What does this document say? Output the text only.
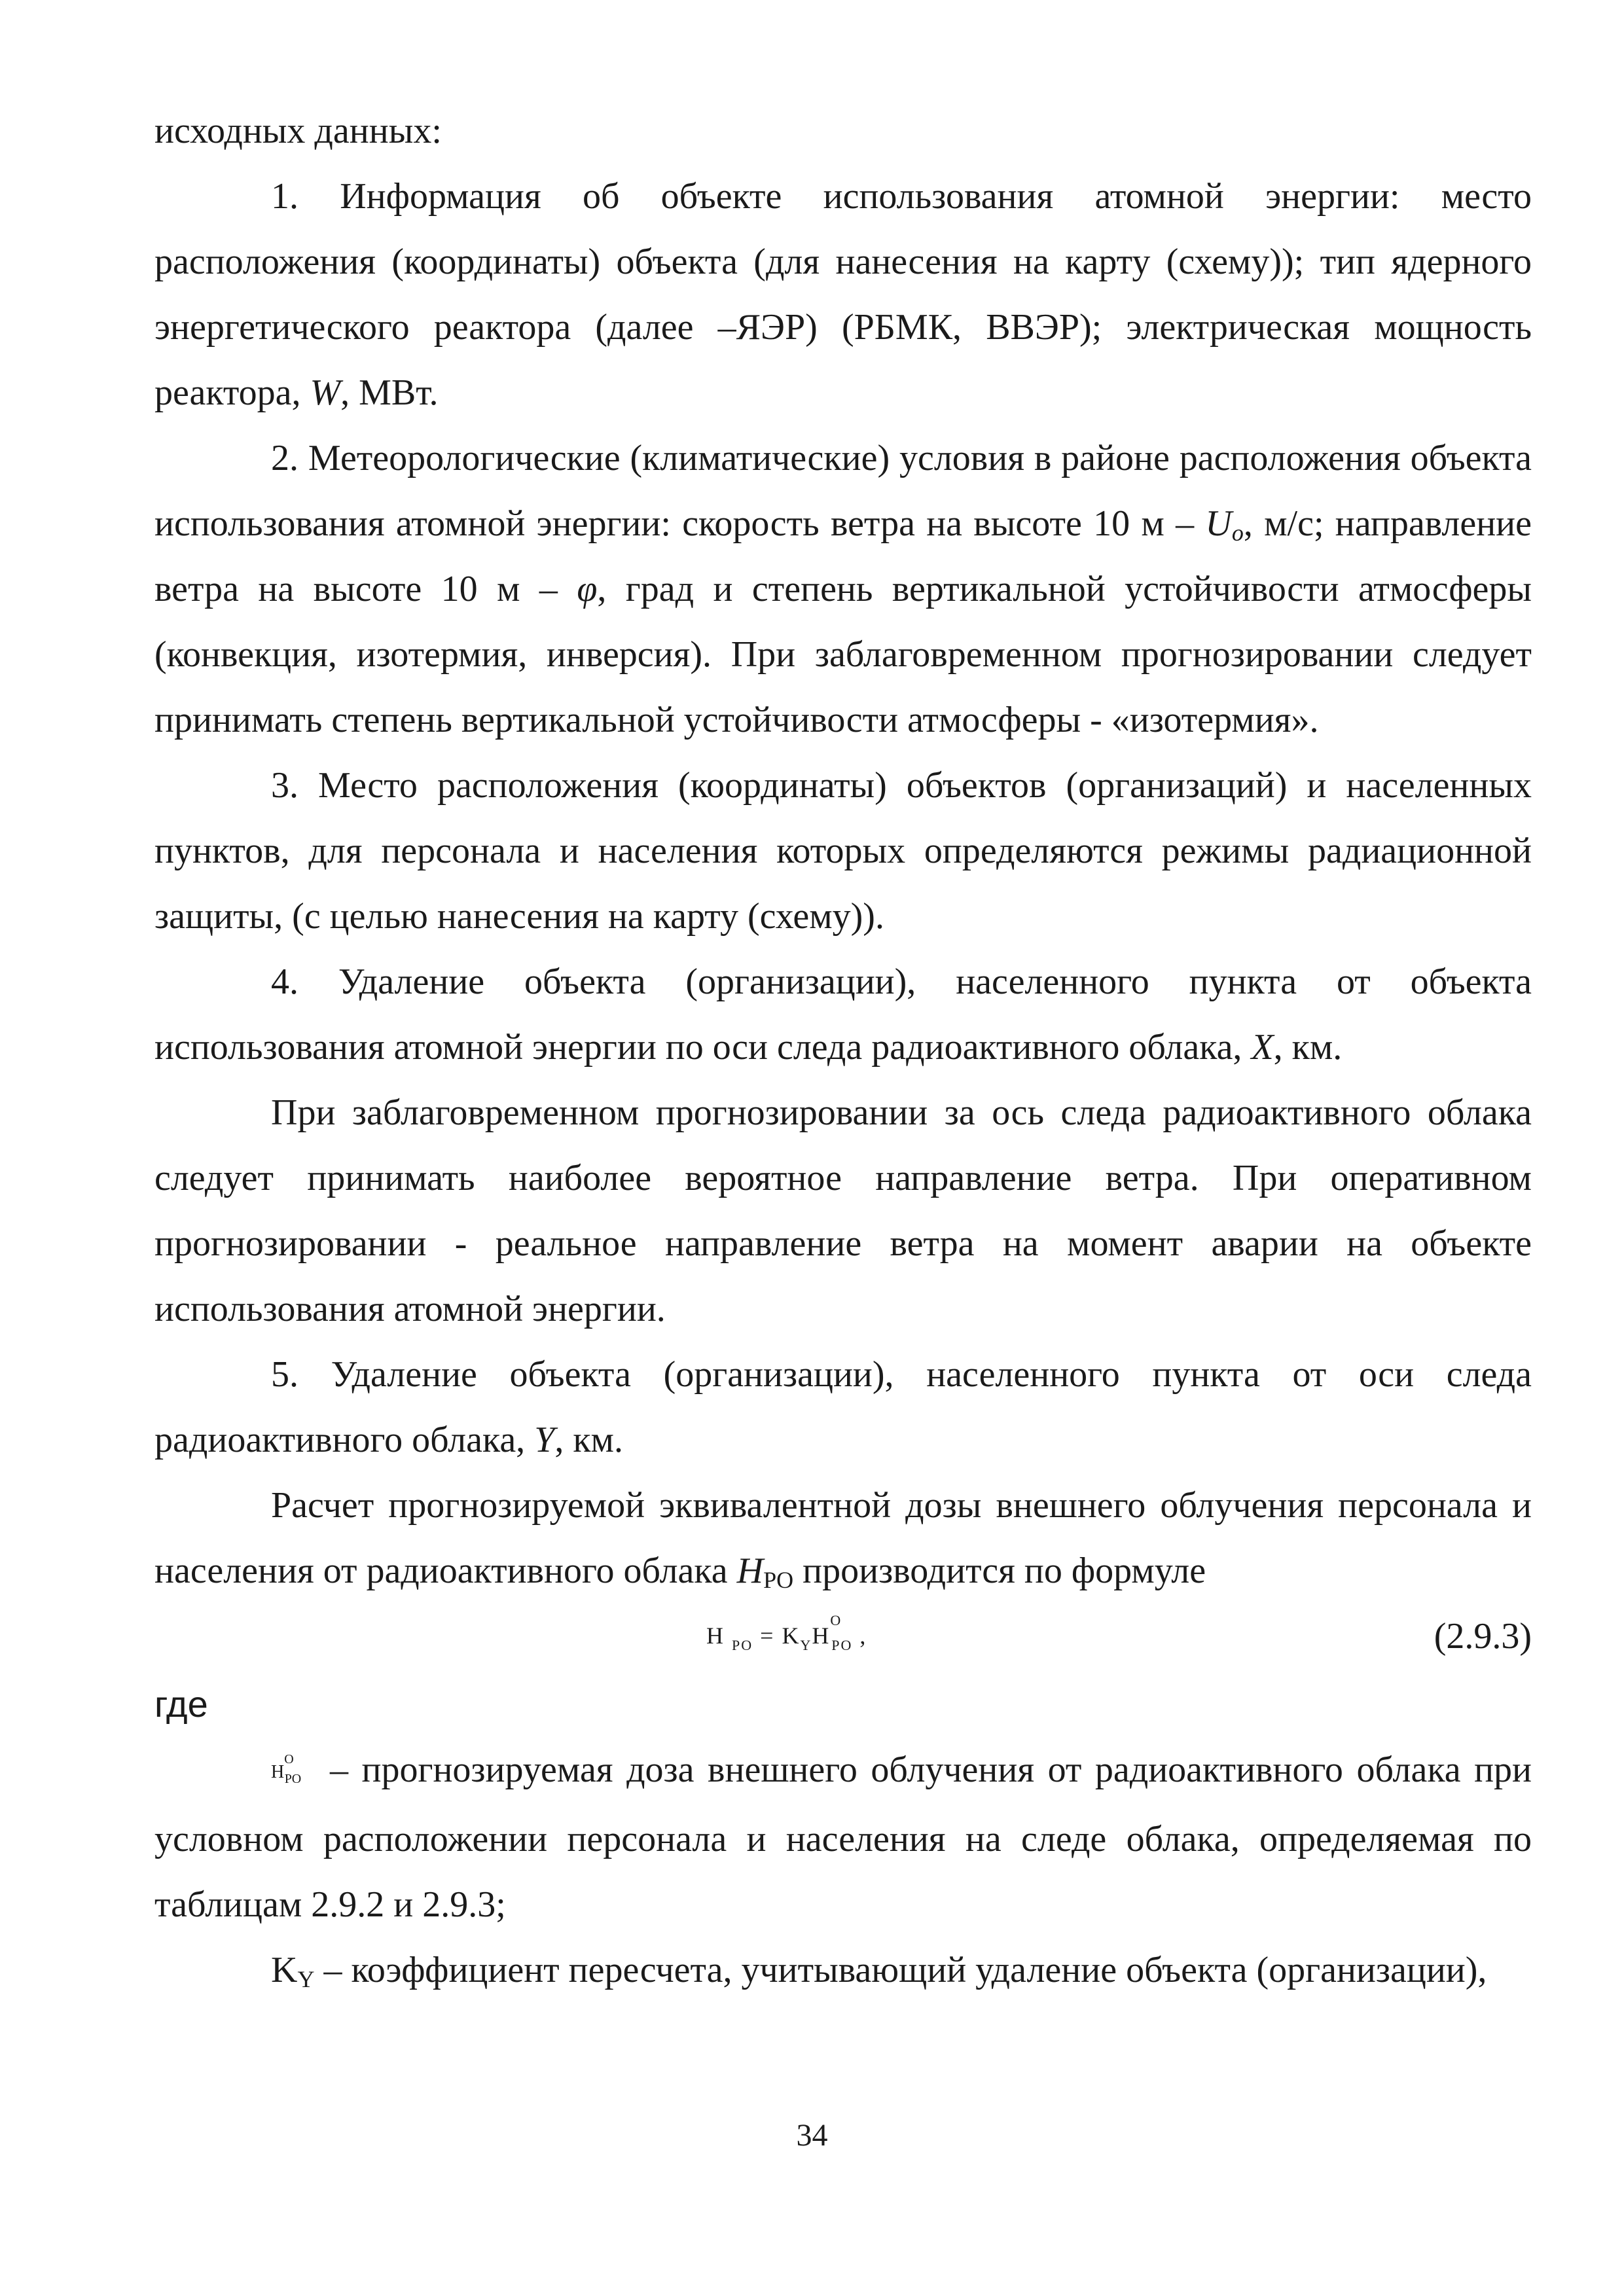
исходных данных:

1. Информация об объекте использования атомной энергии: место расположения (координаты) объекта (для нанесения на карту (схему)); тип ядерного энергетического реактора (далее –ЯЭР) (РБМК, ВВЭР); электрическая мощность реактора, W, МВт.

2. Метеорологические (климатические) условия в районе расположения объекта использования атомной энергии: скорость ветра на высоте 10 м – $U_o$, м/с; направление ветра на высоте 10 м – φ, град и степень вертикальной устойчивости атмосферы (конвекция, изотермия, инверсия). При заблаговременном прогнозировании следует принимать степень вертикальной устойчивости атмосферы - «изотермия».

3. Место расположения (координаты) объектов (организаций) и населенных пунктов, для персонала и населения которых определяются режимы радиационной защиты, (с целью нанесения на карту (схему)).

4. Удаление объекта (организации), населенного пункта от объекта использования атомной энергии по оси следа радиоактивного облака, X, км.

При заблаговременном прогнозировании за ось следа радиоактивного облака следует принимать наиболее вероятное направление ветра. При оперативном прогнозировании - реальное направление ветра на момент аварии на объекте использования атомной энергии.

5. Удаление объекта (организации), населенного пункта от оси следа радиоактивного облака, Y, км.

Расчет прогнозируемой эквивалентной дозы внешнего облучения персонала и населения от радиоактивного облака $H_{PO}$ производится по формуле

H $_{PO} = K_YH^O_{PO}$ ,	(2.9.3)

где

$H^O_{PO}$ – прогнозируемая доза внешнего облучения от радиоактивного облака при условном расположении персонала и населения на следе облака, определяемая по таблицам 2.9.2 и 2.9.3;

$K_Y$ – коэффициент пересчета, учитывающий удаление объекта (организации),

34
